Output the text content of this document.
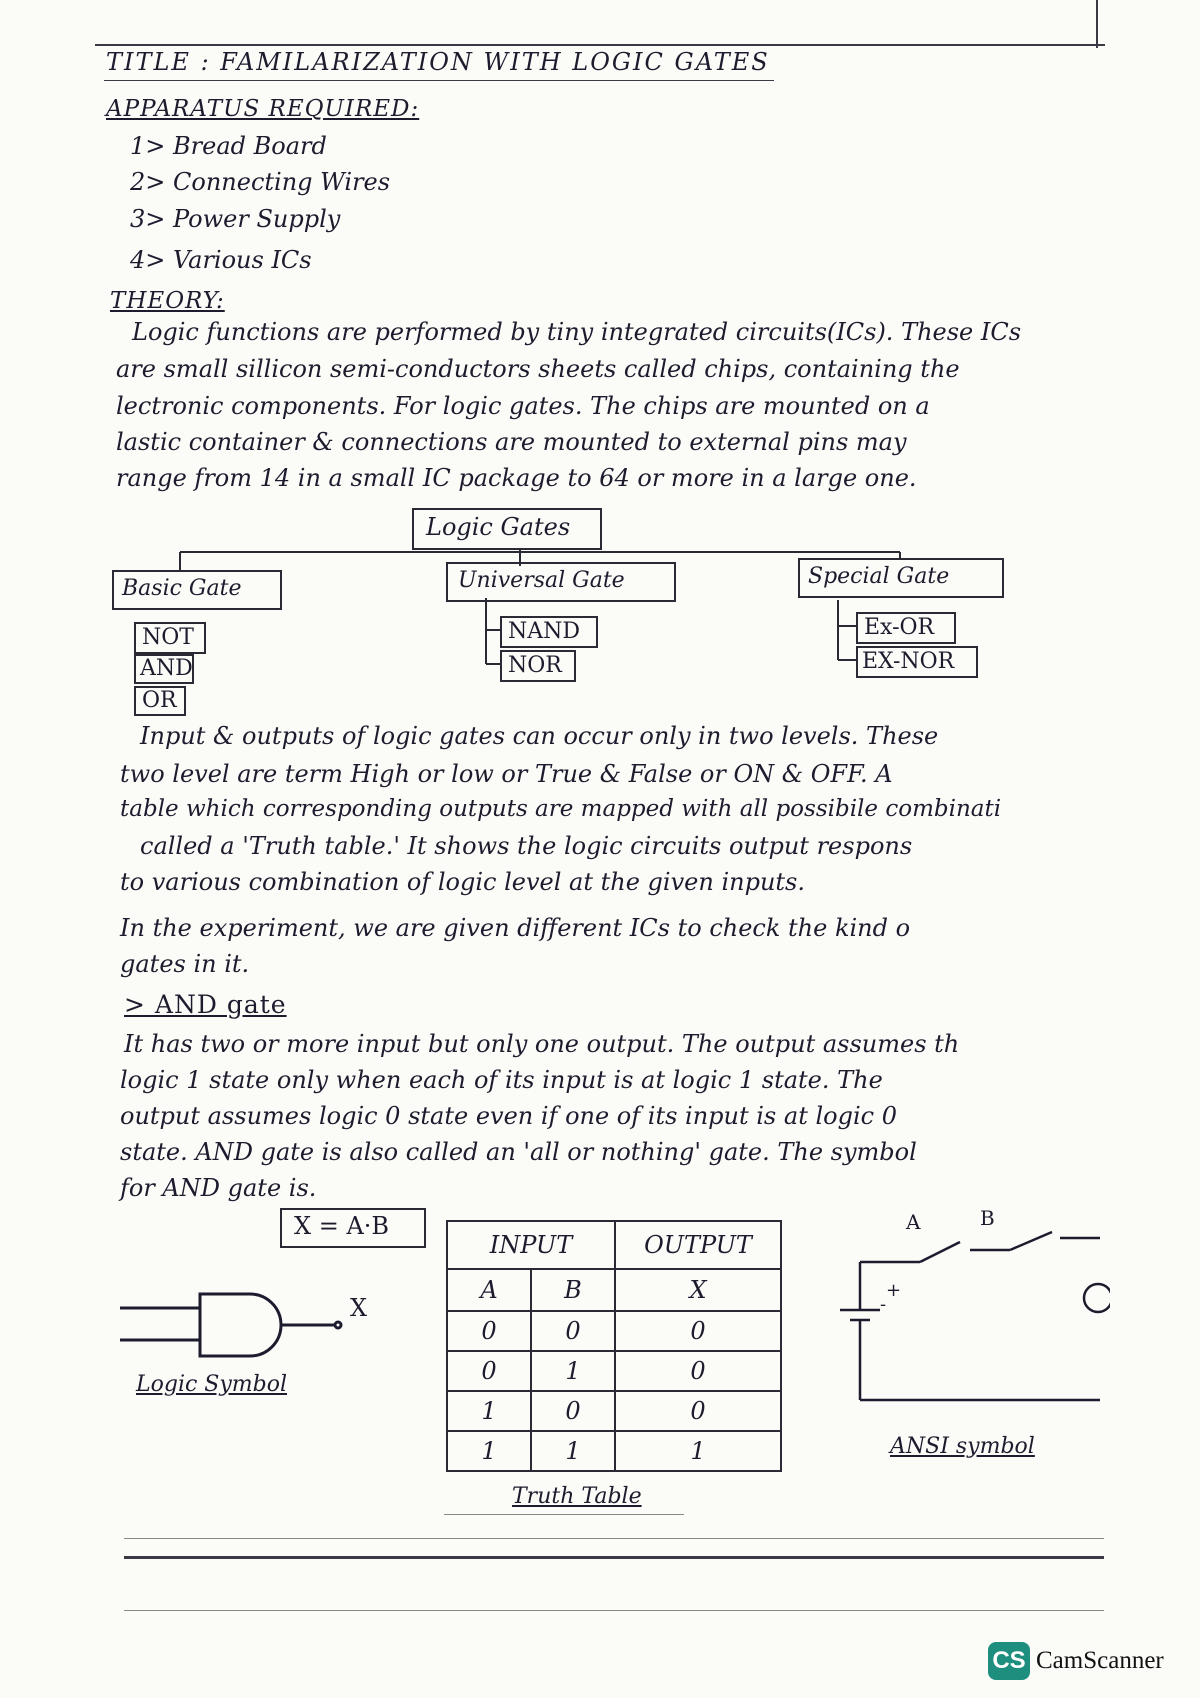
TITLE : FAMILARIZATION WITH LOGIC GATES
APPARATUS REQUIRED:
1> Bread Board
2> Connecting Wires
3> Power Supply
4> Various ICs
THEORY:
Logic functions are performed by tiny integrated circuits(ICs). These ICs
are small sillicon semi-conductors sheets called chips, containing the
lectronic components. For logic gates. The chips are mounted on a
lastic container & connections are mounted to external pins may
range from 14 in a small IC package to 64 or more in a large one.
Logic Gates
Basic Gate
NOT
AND
OR
Universal Gate
NAND
NOR
Special Gate
Ex-OR
EX-NOR
Input & outputs of logic gates can occur only in two levels. These
two level are term High or low or True & False or ON & OFF. A
table which corresponding outputs are mapped with all possibile combinati
called a 'Truth table.' It shows the logic circuits output respons
to various combination of logic level at the given inputs.
In the experiment, we are given different ICs to check the kind o
gates in it.
> AND gate
It has two or more input but only one output. The output assumes th
logic 1 state only when each of its input is at logic 1 state. The
output assumes logic 0 state even if one of its input is at logic 0
state. AND gate is also called an 'all or nothing' gate. The symbol
for AND gate is.
X = A·B
X
Logic Symbol
INPUT		OUTPUT
A	B	X
0	0	0
0	1	0
1	0	0
1	1	1
Truth Table
A	B
+
-
ANSI symbol
CS CamScanner
